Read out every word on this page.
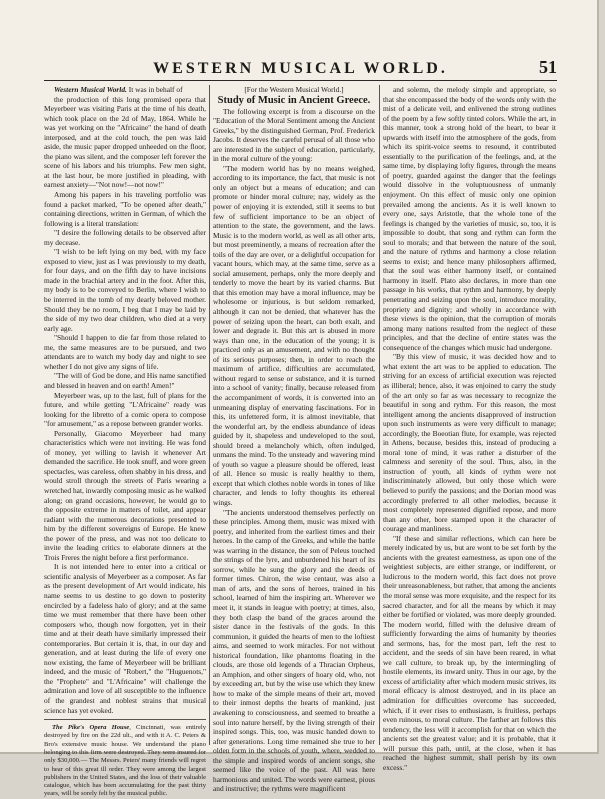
WESTERN MUSICAL WORLD.	51

Western Musical World. It was in behalf of

the production of this long promised opera that Meyerbeer was visiting Paris at the time of his death, which took place on the 2d of May, 1864. While he was yet working on the "Africaine" the hand of death interposed, and at the cold touch, the pen was laid aside, the music paper dropped unheeded on the floor, the piano was silent, and the composer left forever the scene of his labors and his triumphs. Few men sight, at the last hour, be more justified in pleading, with earnest anxiety—"Not now!—not now!"

Among his papers in his traveling portfolio was found a packet marked, "To be opened after death," containing directions, written in German, of which the following is a literal translation:

"I desire the following details to be observed after my decease.

"I wish to be left lying on my bed, with my face exposed to view, just as I was previously to my death, for four days, and on the fifth day to have incisions made in the brachial artery and in the foot. After this, my body is to be conveyed to Berlin, where I wish to be interred in the tomb of my dearly beloved mother. Should they be no room, I beg that I may be laid by the side of my two dear children, who died at a very early age.

"Should I happen to die far from those related to me, the same measures are to be pursued, and two attendants are to watch my body day and night to see whether I do not give any signs of life.

"The will of God be done, and His name sanctified and blessed in heaven and on earth! Amen!"

Meyerbeer was, up to the last, full of plans for the future, and while getting "L'Africaine" ready was looking for the libretto of a comic opera to compose "for amusement," as a repose between grander works.

Personally, Giacomo Meyerbeer had many characteristics which were not inviting. He was fond of money, yet willing to lavish it whenever Art demanded the sacrifice. He took snuff, and wore green spectacles, was careless, often shabby in his dress, and would stroll through the streets of Paris wearing a wretched hat, inwardly composing music as he walked along; on grand occasions, however, he would go to the opposite extreme in matters of toilet, and appear radiant with the numerous decorations presented to him by the different sovereigns of Europe. He knew the power of the press, and was not too delicate to invite the leading critics to elaborate dinners at the Trois Freres the night before a first performance.

It is not intended here to enter into a critical or scientific analysis of Meyerbeer as a composer. As far as the present development of Art would indicate, his name seems to us destine to go down to posterity encircled by a fadeless halo of glory; and at the same time we must remember that there have been other composers who, though now forgotten, yet in their time and at their death have similarly impressed their contemporaries. But certain it is, that, in our day and generation, and at least during the life of every one now existing, the fame of Meyerbeer will be brilliant indeed, and the music of "Robert," the "Huguenots," the "Prophete" and "L'Africaine" will challenge the admiration and love of all susceptible to the influence of the grandest and noblest strains that musical science has yet evoked.

The Pike's Opera House, Cincinnati, was entirely destroyed by fire on the 22d ult., and with it A. C. Peters & Bro's extensive music house. We understand the piano belonging to this firm were destroyed. They were insured for only $30,000.— The Messrs. Peters' many friends will regret to hear of this great ill order. They were among the largest publishers in the United States, and the loss of their valuable catalogue, which has been accumulating for the past thirty years, will be sorely felt by the musical public.

[For the Western Musical World.]

Study of Music in Ancient Greece.

The following excerpt is from a discourse on the "Education of the Moral Sentiment among the Ancient Greeks," by the distinguished German, Prof. Frederick Jacobs. It deserves the careful perusal of all those who are interested in the subject of education, particularly, in the moral culture of the young:

"The modern world has by no means weighed, according to its importance, the fact, that music is not only an object but a means of education; and can promote or hinder moral culture; nay, widely as the power of enjoying it is extended, still it seems to but few of sufficient importance to be an object of attention to the state, the government, and the laws. Music is to the modern world, as well as all other arts, but most preeminently, a means of recreation after the toils of the day are over, or a delightful occupation for vacant hours, which may, at the same time, serve as a social amusement, perhaps, only the more deeply and tenderly to move the heart by its varied charms. But that this emotion may have a moral influence, may be wholesome or injurious, is but seldom remarked, although it can not be denied, that whatever has the power of seizing upon the heart, can both exalt, and lower and degrade it. But this art is abused in more ways than one, in the education of the young; it is practiced only as an amusement, and with no thought of its serious purposes; then, in order to reach the maximum of artifice, difficulties are accumulated, without regard to sense or substance, and it is turned into a school of vanity; finally, because released from the accompaniment of words, it is converted into an unmeaning display of enervating fascinations. For in this, its unfettered form, it is almost inevitable, that the wonderful art, by the endless abundance of ideas guided by it, shapeless and undeveloped to the soul, should breed a melancholy which, often indulged, unmans the mind. To the unsteady and wavering mind of youth so vague a pleasure should be offered, least of all. Hence so music is really healthy to them, except that which clothes noble words in tones of like character, and lends to lofty thoughts its ethereal wings.

"The ancients understood themselves perfectly on these principles. Among them, music was mixed with poetry, and inherited from the earliest times and their heroes. In the camp of the Greeks, and while the battle was warring in the distance, the son of Peleus touched the strings of the lyre, and unburdened his heart of its sorrow, while he sung the glory and the deeds of former times. Chiron, the wise centaur, was also a man of arts, and the sons of heroes, trained in his school, learned of him the inspiring art. Wherever we meet it, it stands in league with poetry; at times, also, they both clasp the band of the graces around the sister dance in the festivals of the gods. In this communion, it guided the hearts of men to the loftiest aims, and seemed to work miracles. For not without historical foundation, like phantoms floating in the clouds, are those old legends of a Thracian Orpheus, an Amphion, and other singers of hoary old, who, not by exceeding art, but by the wise use which they knew how to make of the simple means of their art, moved to their inmost depths the hearts of mankind, just awakening to consciousness, and seemed to breathe a soul into nature herself, by the living strength of their inspired songs. This, too, was music handed down to after generations. Long time remained she true to her olden form in the schools of youth, where, wedded to the simple and inspired words of ancient songs, she seemed like the voice of the past. All was here harmonious and united. The words were earnest, pious and instructive; the rythms were magnificent

and solemn, the melody simple and appropriate, so that she encompassed the body of the words only with the mist of a delicate veil, and enlivened the strong outlines of the poem by a few softly tinted colors. While the art, in this manner, took a strong hold of the heart, to bear it upwards with itself into the atmosphere of the gods, from which its spirit-voice seems to resound, it contributed essentially to the purification of the feelings, and, at the same time, by displaying lofty figures, through the means of poetry, guarded against the danger that the feelings would dissolve in the voluptuousness of unmanly enjoyment. On this effect of music only one opinion prevailed among the ancients. As it is well known to every one, says Aristotle, that the whole tone of the feelings is changed by the varieties of music, so, too, it is impossible to doubt, that song and rythm can form the soul to morals; and that between the nature of the soul, and the nature of rythms and harmony a close relation seems to exist; and hence many philosophers affirmed, that the soul was either harmony itself, or contained harmony in itself. Plato also declares, in more than one passage in his works, that rythm and harmony, by deeply penetrating and seizing upon the soul, introduce morality, propriety and dignity; and wholly in accordance with these views is the opinion, that the corruption of morals among many nations resulted from the neglect of these principles, and that the decline of entire states was the consequence of the changes which music had undergone.

"By this view of music, it was decided how and to what extent the art was to be applied to education. The striving for an excess of artificial execution was rejected as illiberal; hence, also, it was enjoined to carry the study of the art only so far as was necessary to recognize the beautiful in song and rythm. For this reason, the most intelligent among the ancients disapproved of instruction upon such instruments as were very difficult to manage; accordingly, the Boeotian flute, for example, was rejected in Athens, because, besides this, instead of producing a moral tone of mind, it was rather a disturber of the calmness and serenity of the soul. Thus, also, in the instruction of youth, all kinds of rythm were not indiscriminately allowed, but only those which were believed to purify the passions; and the Dorian mood was accordingly preferred to all other melodies, because it most completely represented dignified repose, and more than any other, bore stamped upon it the character of courage and manliness.

"If these and similar reflections, which can here be merely indicated by us, but are wont to be set forth by the ancients with the greatest earnestness, as upon one of the weightiest subjects, are either strange, or indifferent, or ludicrous to the modern world, this fact does not prove their unreasonableness, but rather, that among the ancients the moral sense was more exquisite, and the respect for its sacred character, and for all the means by which it may either be fortified or violated, was more deeply grounded. The modern world, filled with the delusive dream of sufficiently forwarding the aims of humanity by theories and sermons, has, for the most part, left the rest to accident, and the seeds of sin have been reared, in what we call culture, to break up, by the intermingling of hostile elements, its inward unity. Thus in our age, by the excess of artificiality after which modern music strives, its moral efficacy is almost destroyed, and in its place an admiration for difficulties overcome has succeeded, which, if it ever rises to enthusiasm, is fruitless, perhaps even ruinous, to moral culture. The farther art follows this tendency, the less will it accomplish for that on which the ancients set the greatest value; and it is probable, that it will pursue this path, until, at the close, when it has reached the highest summit, shall perish by its own excess."
